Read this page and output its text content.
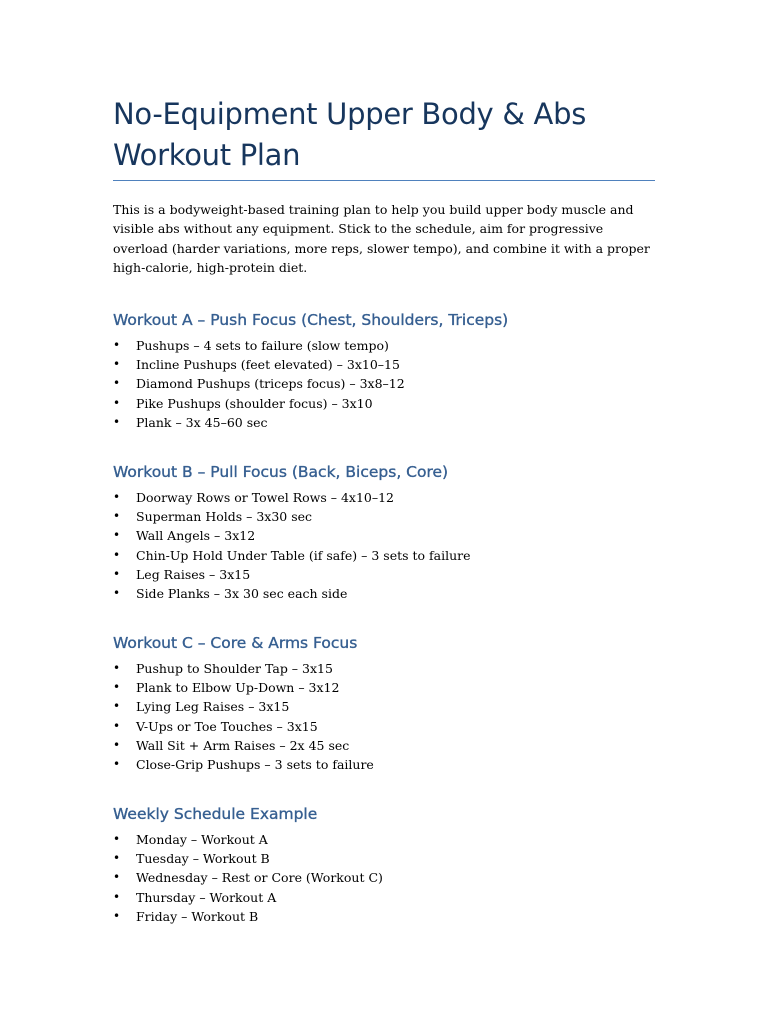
No-Equipment Upper Body & Abs Workout Plan

This is a bodyweight-based training plan to help you build upper body muscle and visible abs without any equipment. Stick to the schedule, aim for progressive overload (harder variations, more reps, slower tempo), and combine it with a proper high-calorie, high-protein diet.

Workout A – Push Focus (Chest, Shoulders, Triceps)
•	Pushups – 4 sets to failure (slow tempo)
•	Incline Pushups (feet elevated) – 3x10–15
•	Diamond Pushups (triceps focus) – 3x8–12
•	Pike Pushups (shoulder focus) – 3x10
•	Plank – 3x 45–60 sec
Workout B – Pull Focus (Back, Biceps, Core)
•	Doorway Rows or Towel Rows – 4x10–12
•	Superman Holds – 3x30 sec
•	Wall Angels – 3x12
•	Chin-Up Hold Under Table (if safe) – 3 sets to failure
•	Leg Raises – 3x15
•	Side Planks – 3x 30 sec each side
Workout C – Core & Arms Focus
•	Pushup to Shoulder Tap – 3x15
•	Plank to Elbow Up-Down – 3x12
•	Lying Leg Raises – 3x15
•	V-Ups or Toe Touches – 3x15
•	Wall Sit + Arm Raises – 2x 45 sec
•	Close-Grip Pushups – 3 sets to failure
Weekly Schedule Example
•	Monday – Workout A
•	Tuesday – Workout B
•	Wednesday – Rest or Core (Workout C)
•	Thursday – Workout A
•	Friday – Workout B
